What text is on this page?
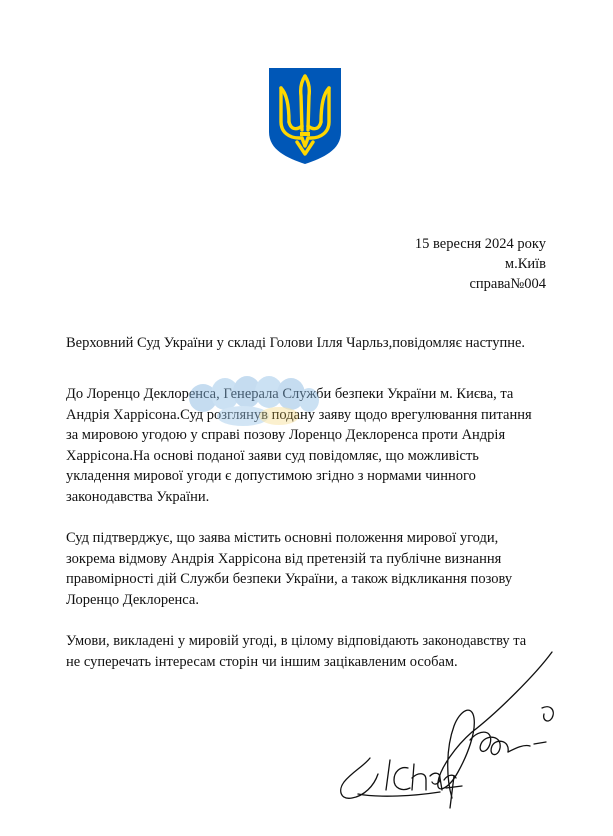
15 вересня 2024 року
м.Київ
справа№004
Верховний Суд України у складі Голови Ілля Чарльз,повідомляє наступне.

До Лоренцо Деклоренса, Генерала Служби безпеки України м. Києва, та
Андрія Харрісона.Суд розглянув подану заяву щодо врегулювання питання
за мировою угодою у справі позову Лоренцо Деклоренса проти Андрія
Харрісона.На основі поданої заяви суд повідомляє, що можливість
укладення мирової угоди є допустимою згідно з нормами чинного
законодавства України.

Суд підтверджує, що заява містить основні положення мирової угоди,
зокрема відмову Андрія Харрісона від претензій та публічне визнання
правомірності дій Служби безпеки України, а також відкликання позову
Лоренцо Деклоренса.

Умови, викладені у мировій угоді, в цілому відповідають законодавству та
не суперечать інтересам сторін чи іншим зацікавленим особам.
